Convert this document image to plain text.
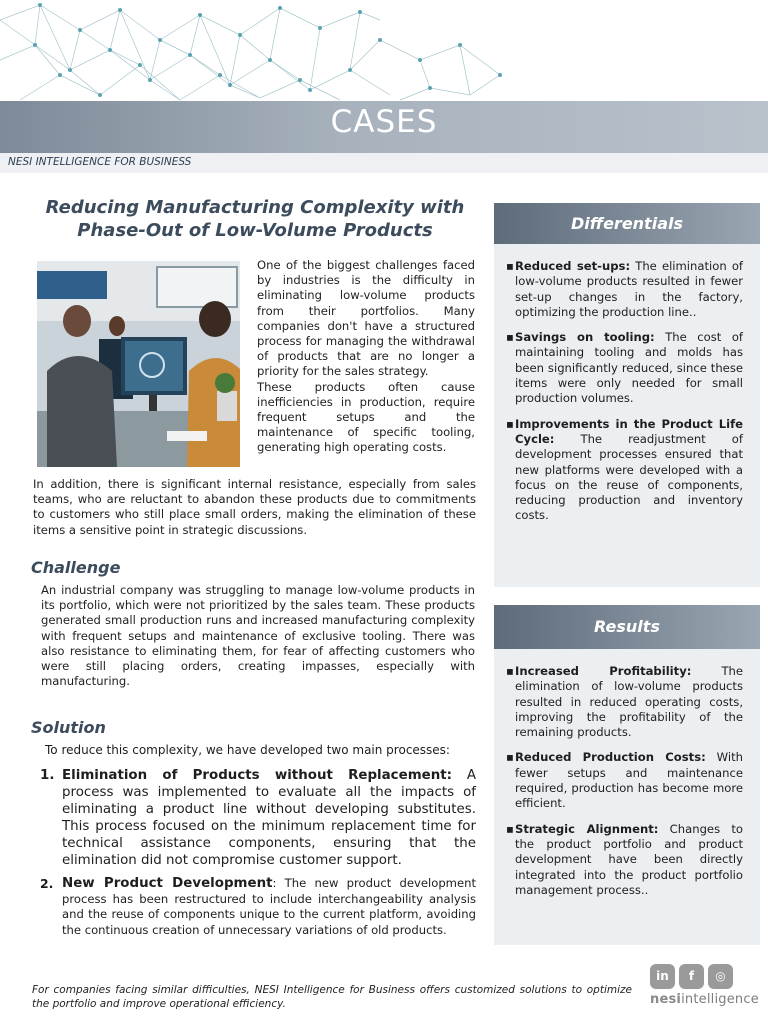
CASES
NESI INTELLIGENCE FOR BUSINESS
Reducing Manufacturing Complexity with
Phase-Out of Low-Volume Products

One of the biggest challenges faced by industries is the difficulty in eliminating low-volume products from their portfolios. Many companies don't have a structured process for managing the withdrawal of products that are no longer a priority for the sales strategy.

These products often cause inefficiencies in production, require frequent setups and the maintenance of specific tooling, generating high operating costs.

In addition, there is significant internal resistance, especially from sales teams, who are reluctant to abandon these products due to commitments to customers who still place small orders, making the elimination of these items a sensitive point in strategic discussions.

Challenge

An industrial company was struggling to manage low-volume products in its portfolio, which were not prioritized by the sales team. These products generated small production runs and increased manufacturing complexity with frequent setups and maintenance of exclusive tooling. There was also resistance to eliminating them, for fear of affecting customers who were still placing orders, creating impasses, especially with manufacturing.

Solution

To reduce this complexity, we have developed two main processes:

1. Elimination of Products without Replacement: A process was implemented to evaluate all the impacts of eliminating a product line without developing substitutes. This process focused on the minimum replacement time for technical assistance components, ensuring that the elimination did not compromise customer support.
2. New Product Development: The new product development process has been restructured to include interchangeability analysis and the reuse of components unique to the current platform, avoiding the continuous creation of unnecessary variations of old products.
Differentials
▪ Reduced set-ups: The elimination of low-volume products resulted in fewer set-up changes in the factory, optimizing the production line..
▪ Savings on tooling: The cost of maintaining tooling and molds has been significantly reduced, since these items were only needed for small production volumes.
▪ Improvements in the Product Life Cycle: The readjustment of development processes ensured that new platforms were developed with a focus on the reuse of components, reducing production and inventory costs.
Results
▪ Increased Profitability: The elimination of low-volume products resulted in reduced operating costs, improving the profitability of the remaining products.
▪ Reduced Production Costs: With fewer setups and maintenance required, production has become more efficient.
▪ Strategic Alignment: Changes to the product portfolio and product development have been directly integrated into the product portfolio management process..

For companies facing similar difficulties, NESI Intelligence for Business offers customized solutions to optimize the portfolio and improve operational efficiency.

in	f	◎
nesiintelligence
